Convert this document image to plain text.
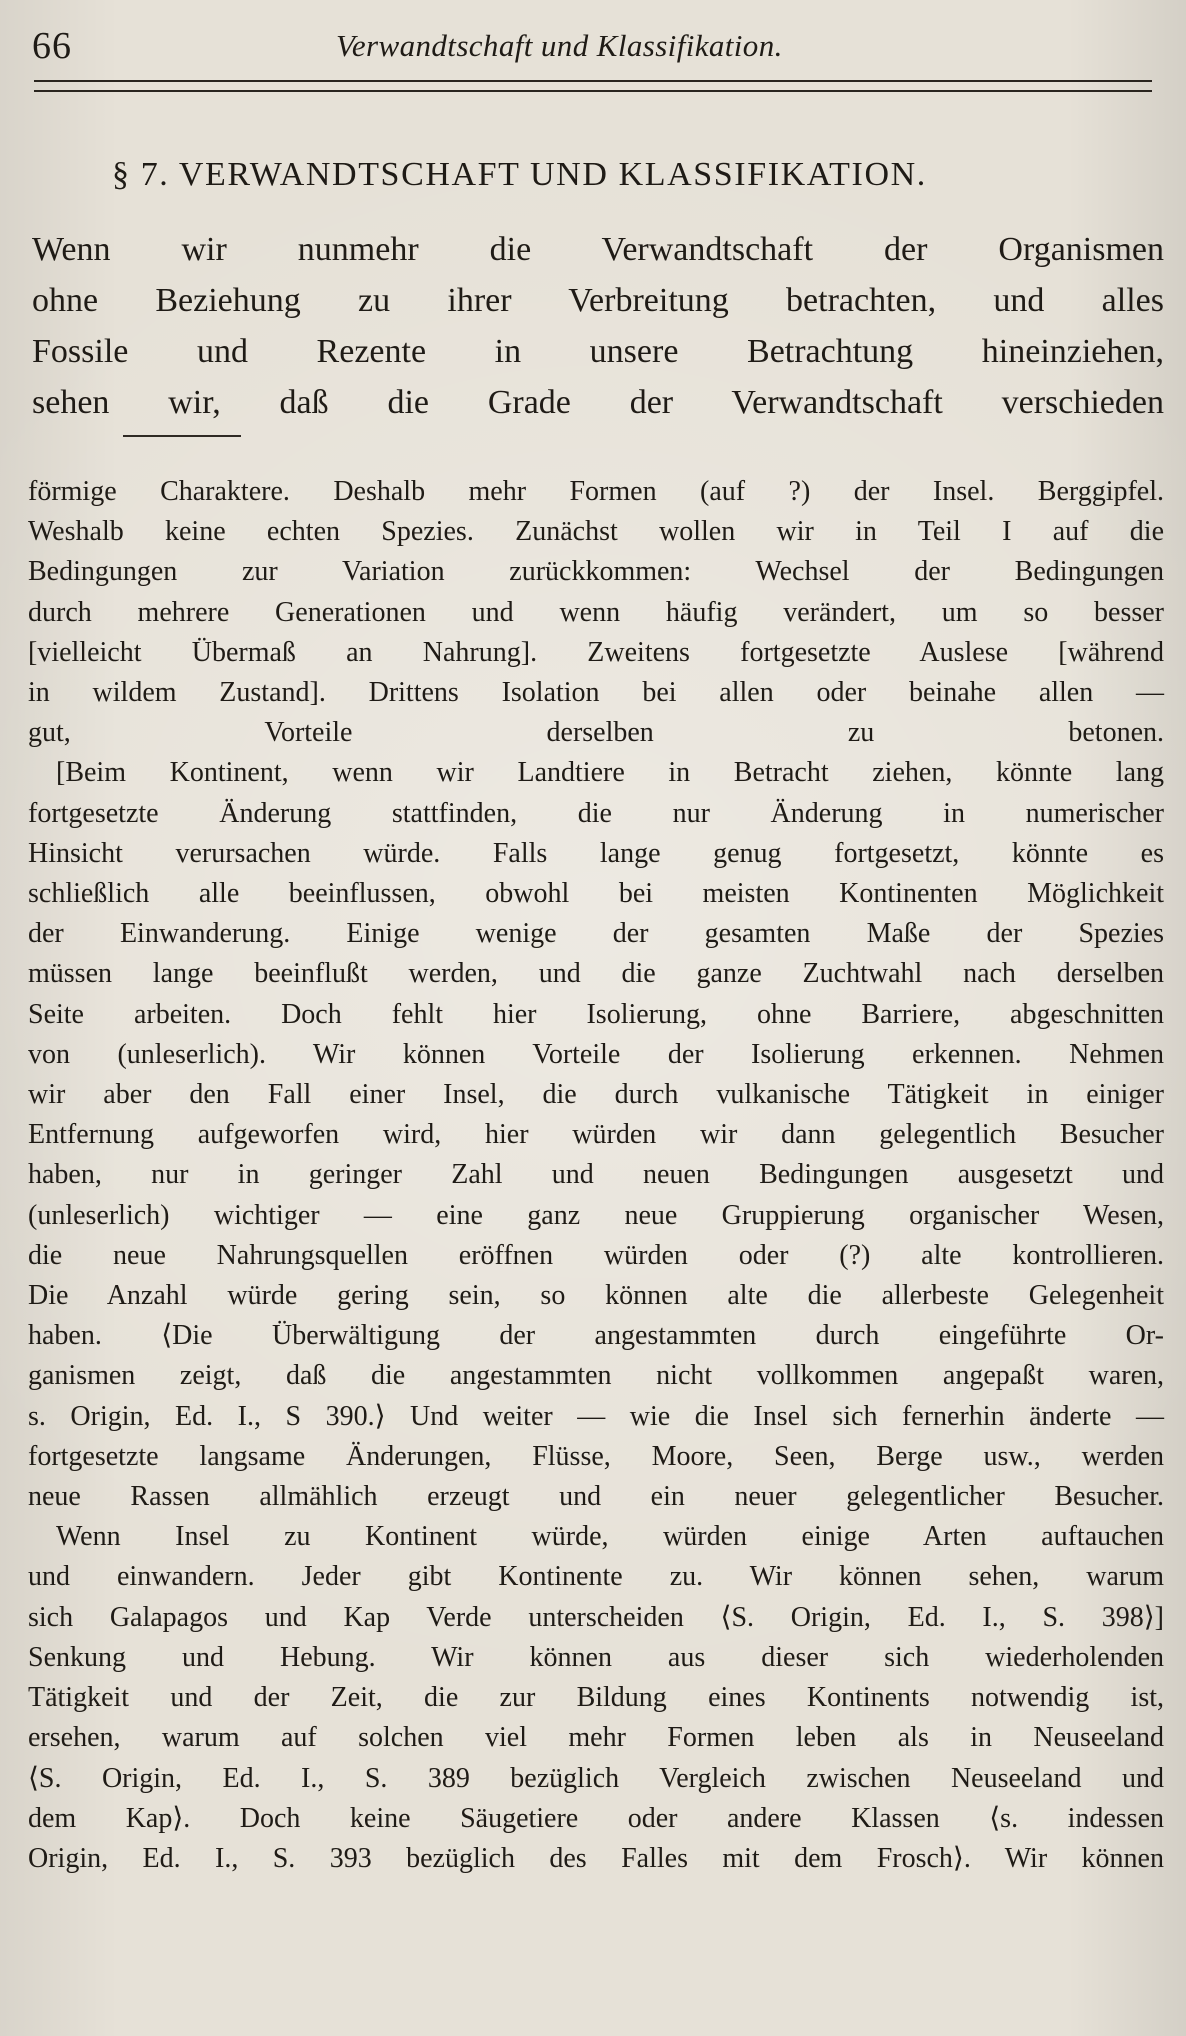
66	Verwandtschaft und Klassifikation.
§ 7. VERWANDTSCHAFT UND KLASSIFIKATION.
Wenn wir nunmehr die Verwandtschaft der Organismen
ohne Beziehung zu ihrer Verbreitung betrachten, und alles
Fossile und Rezente in unsere Betrachtung hineinziehen,
sehen wir, daß die Grade der Verwandtschaft verschieden
förmige Charaktere. Deshalb mehr Formen (auf ?) der Insel. Berggipfel.
Weshalb keine echten Spezies. Zunächst wollen wir in Teil I auf die
Bedingungen zur Variation zurückkommen: Wechsel der Bedingungen
durch mehrere Generationen und wenn häufig verändert, um so besser
[vielleicht Übermaß an Nahrung]. Zweitens fortgesetzte Auslese [während
in wildem Zustand]. Drittens Isolation bei allen oder beinahe allen —
gut, Vorteile derselben zu betonen.
[Beim Kontinent, wenn wir Landtiere in Betracht ziehen, könnte lang
fortgesetzte Änderung stattfinden, die nur Änderung in numerischer
Hinsicht verursachen würde. Falls lange genug fortgesetzt, könnte es
schließlich alle beeinflussen, obwohl bei meisten Kontinenten Möglichkeit
der Einwanderung. Einige wenige der gesamten Maße der Spezies
müssen lange beeinflußt werden, und die ganze Zuchtwahl nach derselben
Seite arbeiten. Doch fehlt hier Isolierung, ohne Barriere, abgeschnitten
von (unleserlich). Wir können Vorteile der Isolierung erkennen. Nehmen
wir aber den Fall einer Insel, die durch vulkanische Tätigkeit in einiger
Entfernung aufgeworfen wird, hier würden wir dann gelegentlich Besucher
haben, nur in geringer Zahl und neuen Bedingungen ausgesetzt und
(unleserlich) wichtiger — eine ganz neue Gruppierung organischer Wesen,
die neue Nahrungsquellen eröffnen würden oder (?) alte kontrollieren.
Die Anzahl würde gering sein, so können alte die allerbeste Gelegenheit
haben. ⟨Die Überwältigung der angestammten durch eingeführte Or-
ganismen zeigt, daß die angestammten nicht vollkommen angepaßt waren,
s. Origin, Ed. I., S 390.⟩ Und weiter — wie die Insel sich fernerhin änderte —
fortgesetzte langsame Änderungen, Flüsse, Moore, Seen, Berge usw., werden
neue Rassen allmählich erzeugt und ein neuer gelegentlicher Besucher.
Wenn Insel zu Kontinent würde, würden einige Arten auftauchen
und einwandern. Jeder gibt Kontinente zu. Wir können sehen, warum
sich Galapagos und Kap Verde unterscheiden ⟨S. Origin, Ed. I., S. 398⟩]
Senkung und Hebung. Wir können aus dieser sich wiederholenden
Tätigkeit und der Zeit, die zur Bildung eines Kontinents notwendig ist,
ersehen, warum auf solchen viel mehr Formen leben als in Neuseeland
⟨S. Origin, Ed. I., S. 389 bezüglich Vergleich zwischen Neuseeland und
dem Kap⟩. Doch keine Säugetiere oder andere Klassen ⟨s. indessen
Origin, Ed. I., S. 393 bezüglich des Falles mit dem Frosch⟩. Wir können
